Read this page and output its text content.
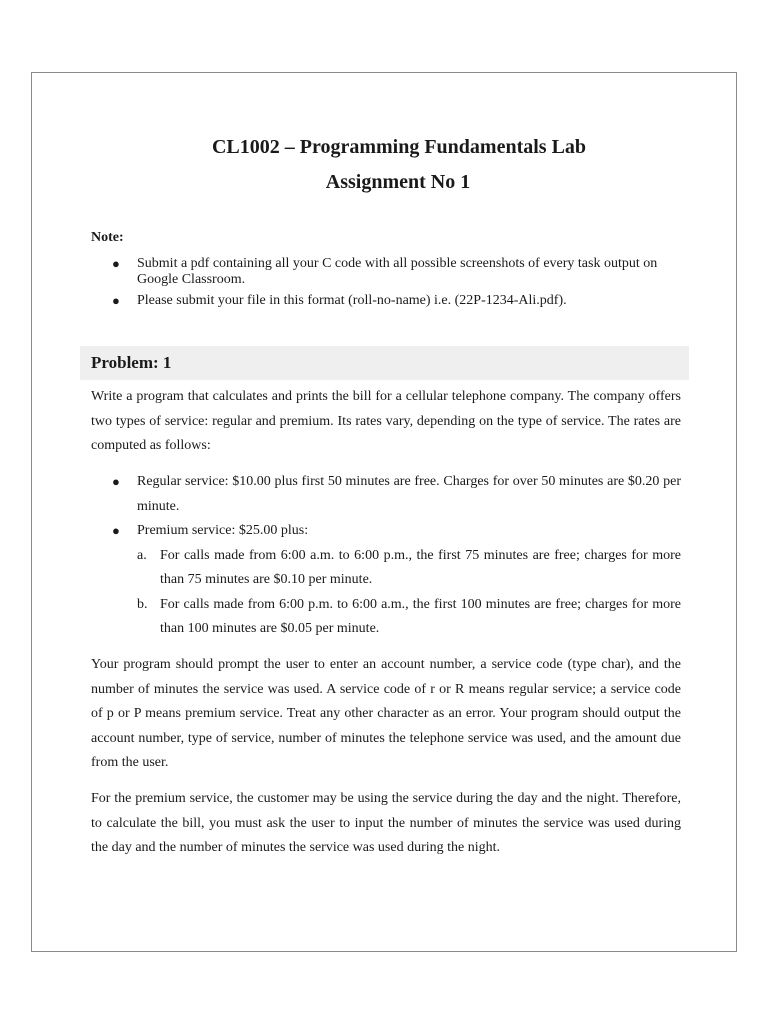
CL1002 – Programming Fundamentals Lab
Assignment No 1
Note:
● Submit a pdf containing all your C code with all possible screenshots of every task output on Google Classroom.
● Please submit your file in this format (roll-no-name) i.e. (22P-1234-Ali.pdf).
Problem: 1

Write a program that calculates and prints the bill for a cellular telephone company. The company offers two types of service: regular and premium. Its rates vary, depending on the type of service. The rates are computed as follows:

● Regular service: $10.00 plus first 50 minutes are free. Charges for over 50 minutes are $0.20 per minute.
● Premium service: $25.00 plus:
a. For calls made from 6:00 a.m. to 6:00 p.m., the first 75 minutes are free; charges for more than 75 minutes are $0.10 per minute.
b. For calls made from 6:00 p.m. to 6:00 a.m., the first 100 minutes are free; charges for more than 100 minutes are $0.05 per minute.

Your program should prompt the user to enter an account number, a service code (type char), and the number of minutes the service was used. A service code of r or R means regular service; a service code of p or P means premium service. Treat any other character as an error. Your program should output the account number, type of service, number of minutes the telephone service was used, and the amount due from the user.

For the premium service, the customer may be using the service during the day and the night. Therefore, to calculate the bill, you must ask the user to input the number of minutes the service was used during the day and the number of minutes the service was used during the night.
